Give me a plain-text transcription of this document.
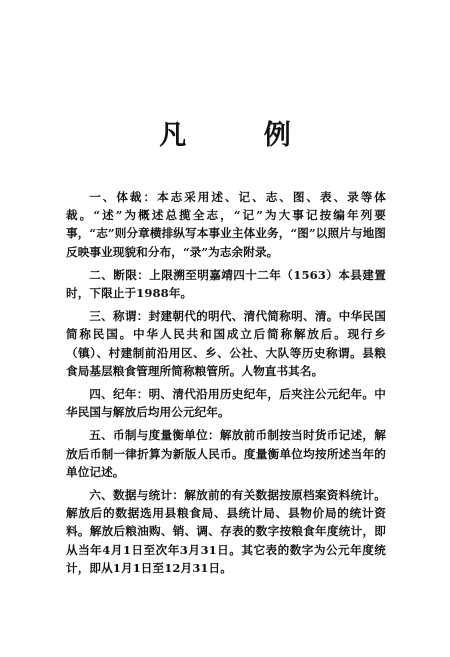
凡 例

一、体裁：本志采用述、记、志、图、表、录等体裁。“述”为概述总揽全志，“记”为大事记按编年列要事，“志”则分章横排纵写本事业主体业务，“图”以照片与地图反映事业现貌和分布，“录”为志余附录。

二、断限：上限溯至明嘉靖四十二年（1563）本县建置时，下限止于1988年。

三、称谓：封建朝代的明代、清代简称明、清。中华民国简称民国。中华人民共和国成立后简称解放后。现行乡（镇）、村建制前沿用区、乡、公社、大队等历史称谓。县粮食局基层粮食管理所简称粮管所。人物直书其名。

四、纪年：明、清代沿用历史纪年，后夹注公元纪年。中华民国与解放后均用公元纪年。

五、币制与度量衡单位：解放前币制按当时货币记述，解放后币制一律折算为新版人民币。度量衡单位均按所述当年的单位记述。

六、数据与统计：解放前的有关数据按原档案资料统计。解放后的数据选用县粮食局、县统计局、县物价局的统计资料。解放后粮油购、销、调、存表的数字按粮食年度统计，即从当年4月1日至次年3月31日。其它表的数字为公元年度统计，即从1月1日至12月31日。
